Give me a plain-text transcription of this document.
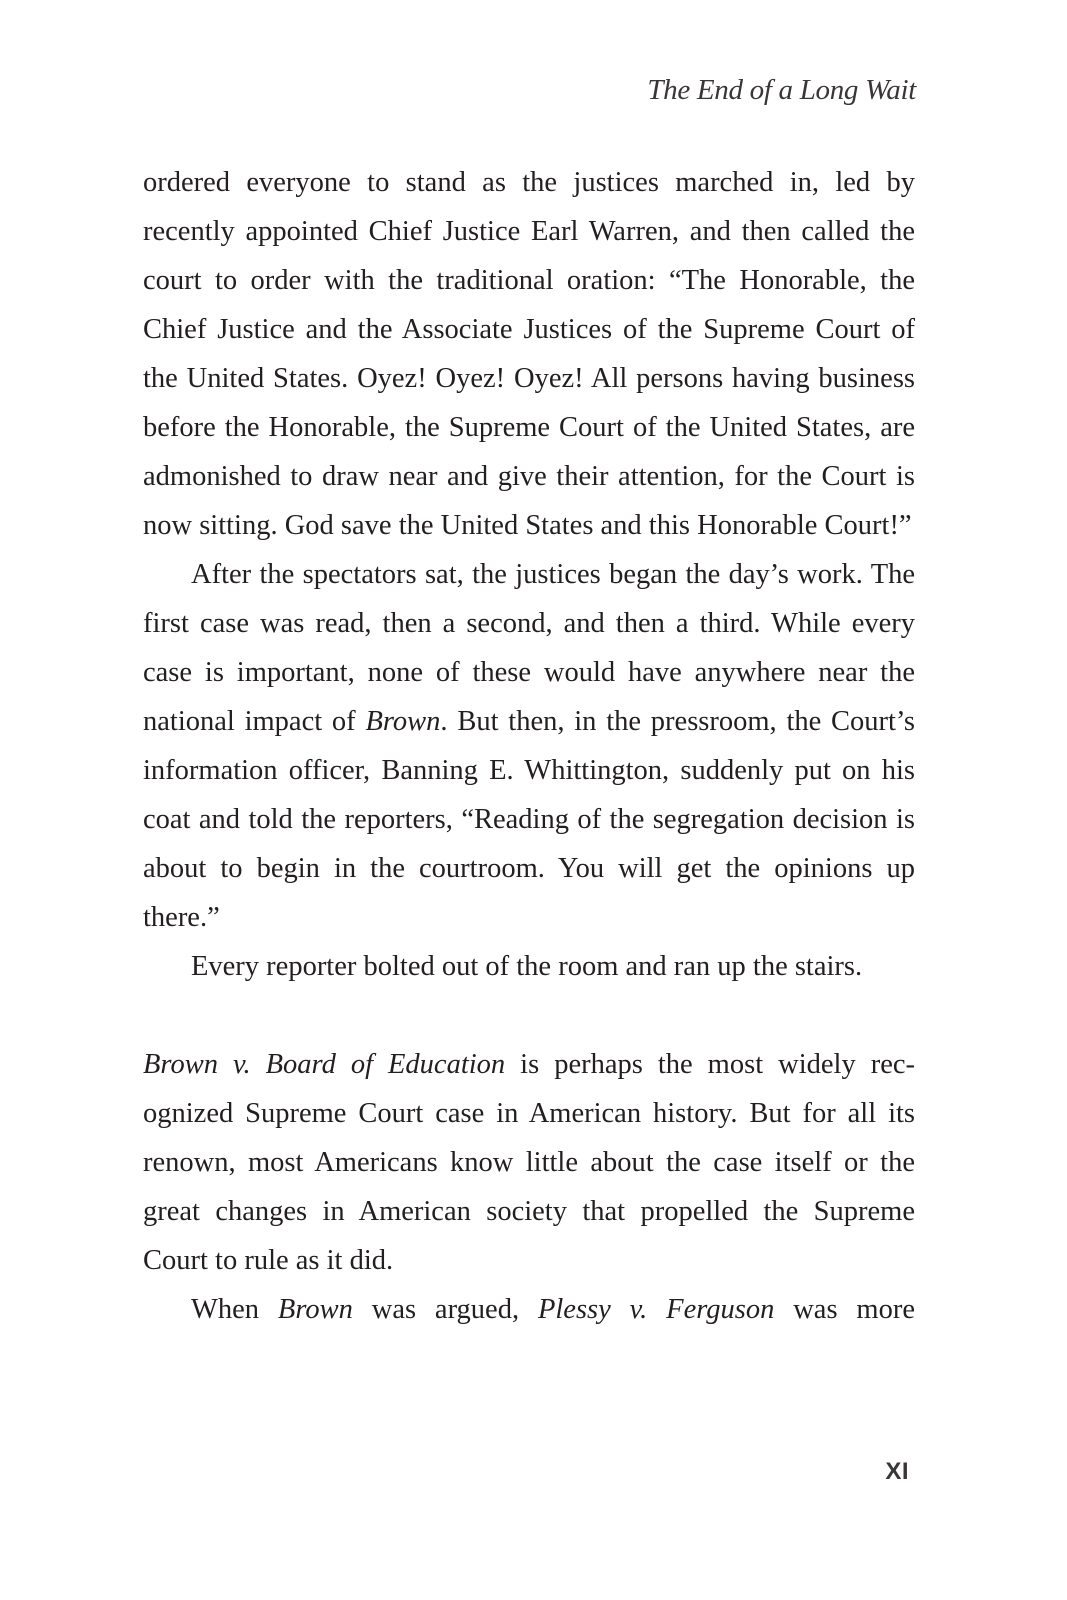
The End of a Long Wait

ordered everyone to stand as the justices marched in, led by recently appointed Chief Justice Earl Warren, and then called the court to order with the traditional oration: “The Honorable, the Chief Justice and the Associate Justices of the Supreme Court of the United States. Oyez! Oyez! Oyez! All persons having business before the Honorable, the Supreme Court of the United States, are admonished to draw near and give their attention, for the Court is now sitting. God save the United States and this Honorable Court!”

After the spectators sat, the justices began the day’s work. The first case was read, then a second, and then a third. While every case is important, none of these would have anywhere near the national impact of Brown. But then, in the pressroom, the Court’s information officer, Banning E. Whittington, suddenly put on his coat and told the reporters, “Reading of the segregation decision is about to begin in the courtroom. You will get the opinions up there.”

Every reporter bolted out of the room and ran up the stairs.

Brown v. Board of Education is perhaps the most widely recognized Supreme Court case in American history. But for all its renown, most Americans know little about the case itself or the great changes in American society that propelled the Supreme Court to rule as it did.

When Brown was argued, Plessy v. Ferguson was more

XI
